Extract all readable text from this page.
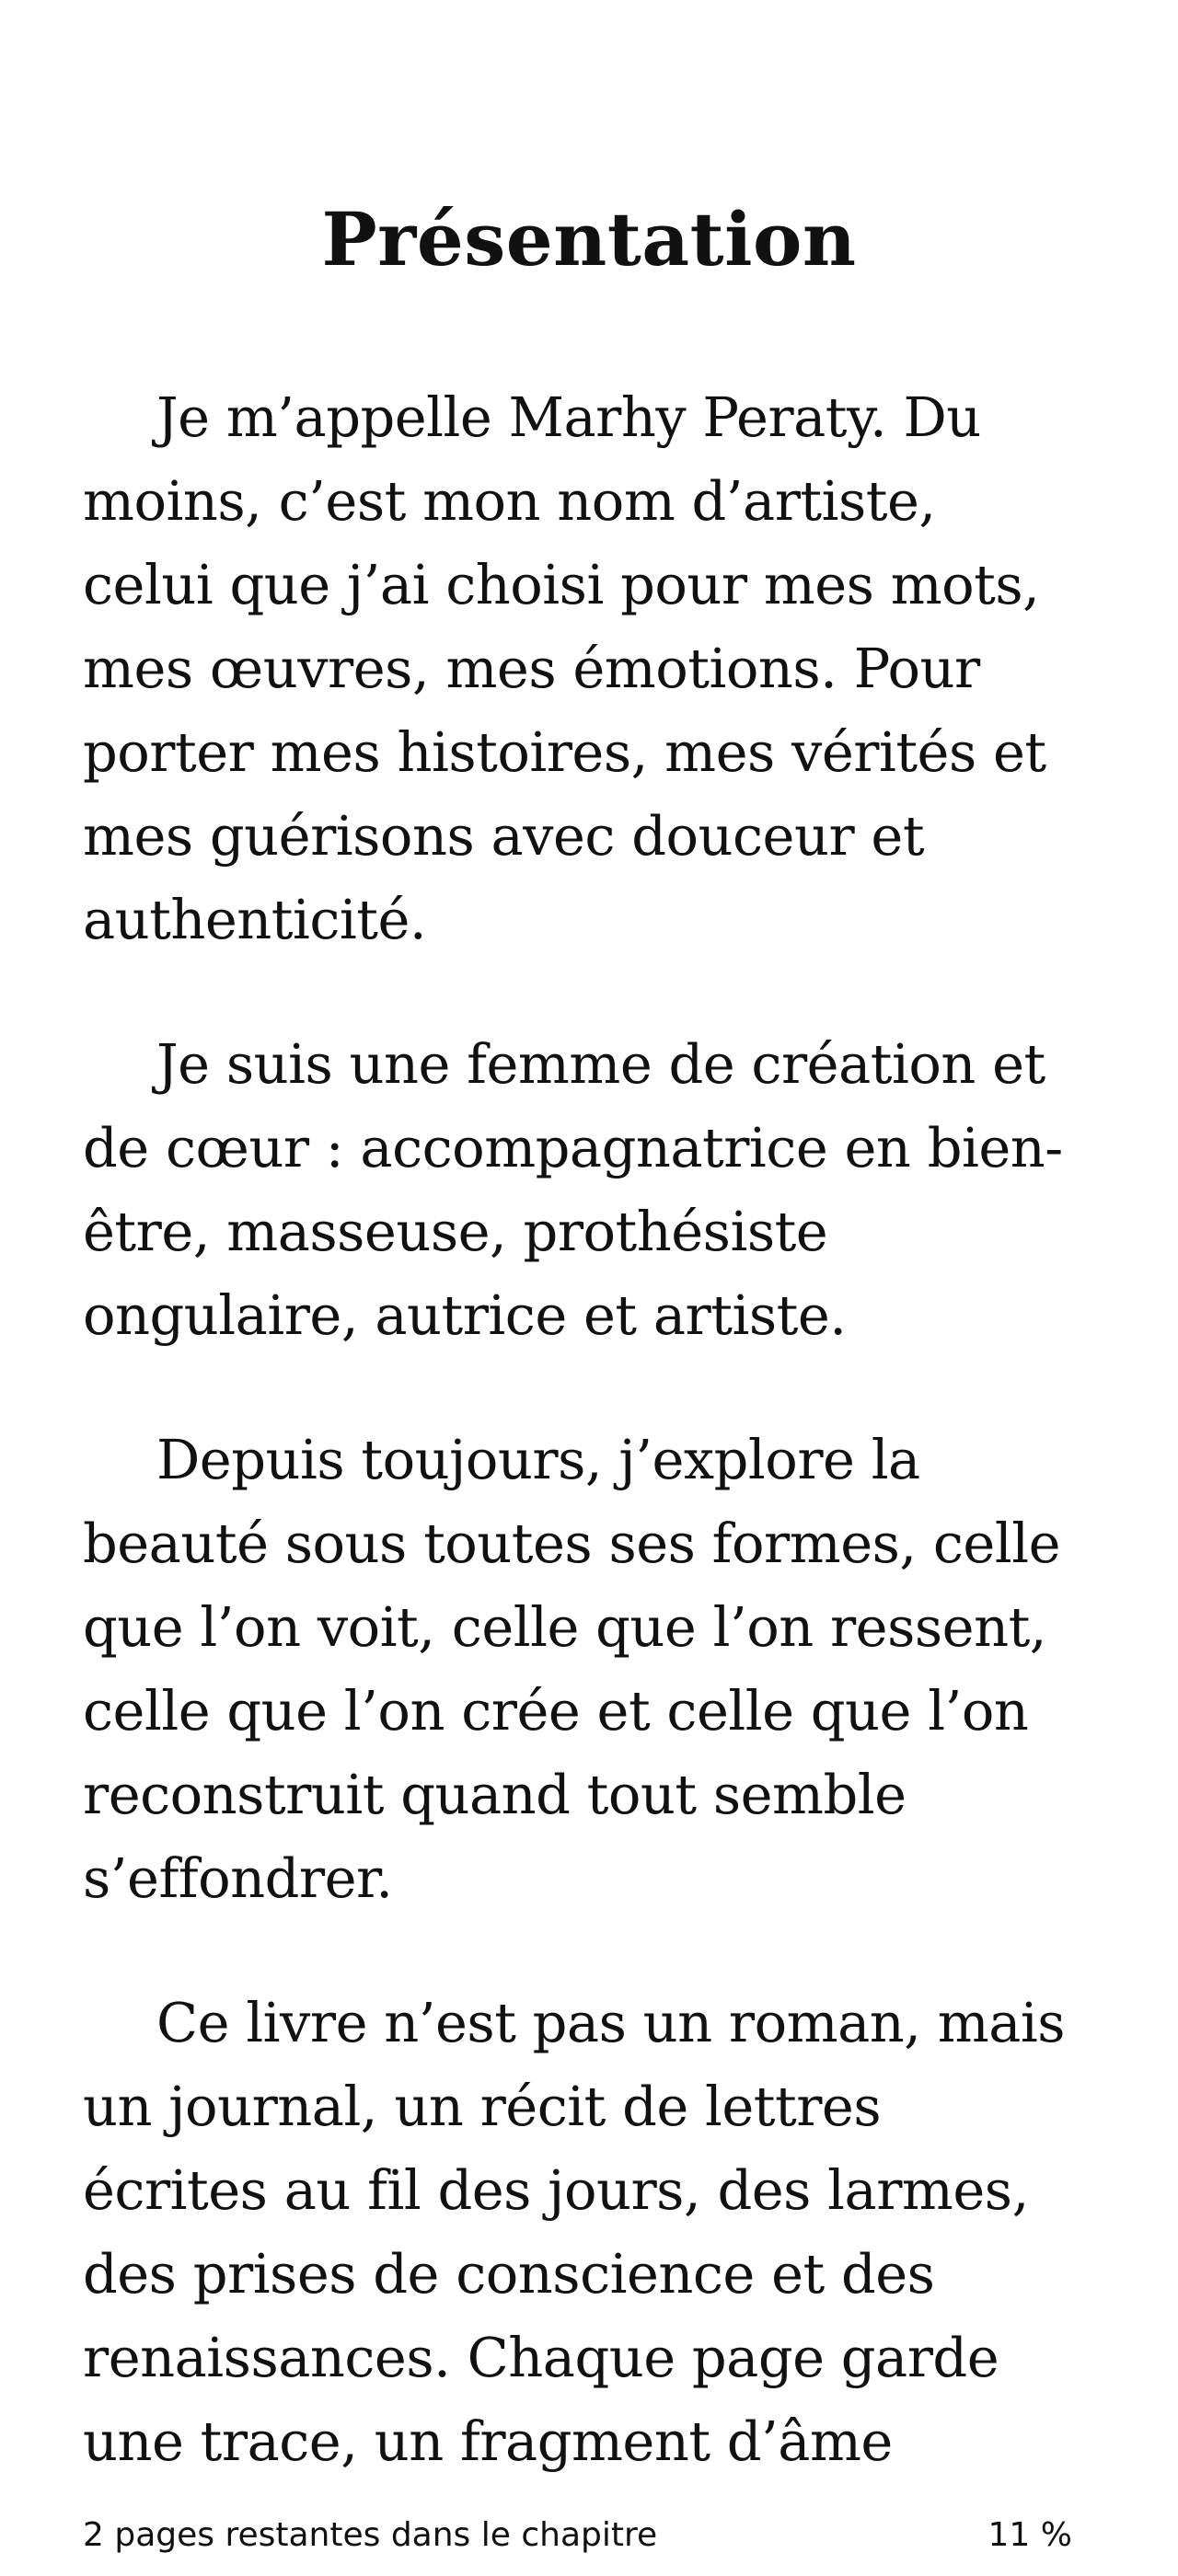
Présentation

Je m’appelle Marhy Peraty. Du
moins, c’est mon nom d’artiste,
celui que j’ai choisi pour mes mots,
mes œuvres, mes émotions. Pour
porter mes histoires, mes vérités et
mes guérisons avec douceur et
authenticité.

Je suis une femme de création et
de cœur : accompagnatrice en bien-
être, masseuse, prothésiste
ongulaire, autrice et artiste.

Depuis toujours, j’explore la
beauté sous toutes ses formes, celle
que l’on voit, celle que l’on ressent,
celle que l’on crée et celle que l’on
reconstruit quand tout semble
s’effondrer.

Ce livre n’est pas un roman, mais
un journal, un récit de lettres
écrites au fil des jours, des larmes,
des prises de conscience et des
renaissances. Chaque page garde
une trace, un fragment d’âme

2 pages restantes dans le chapitre	11 %
